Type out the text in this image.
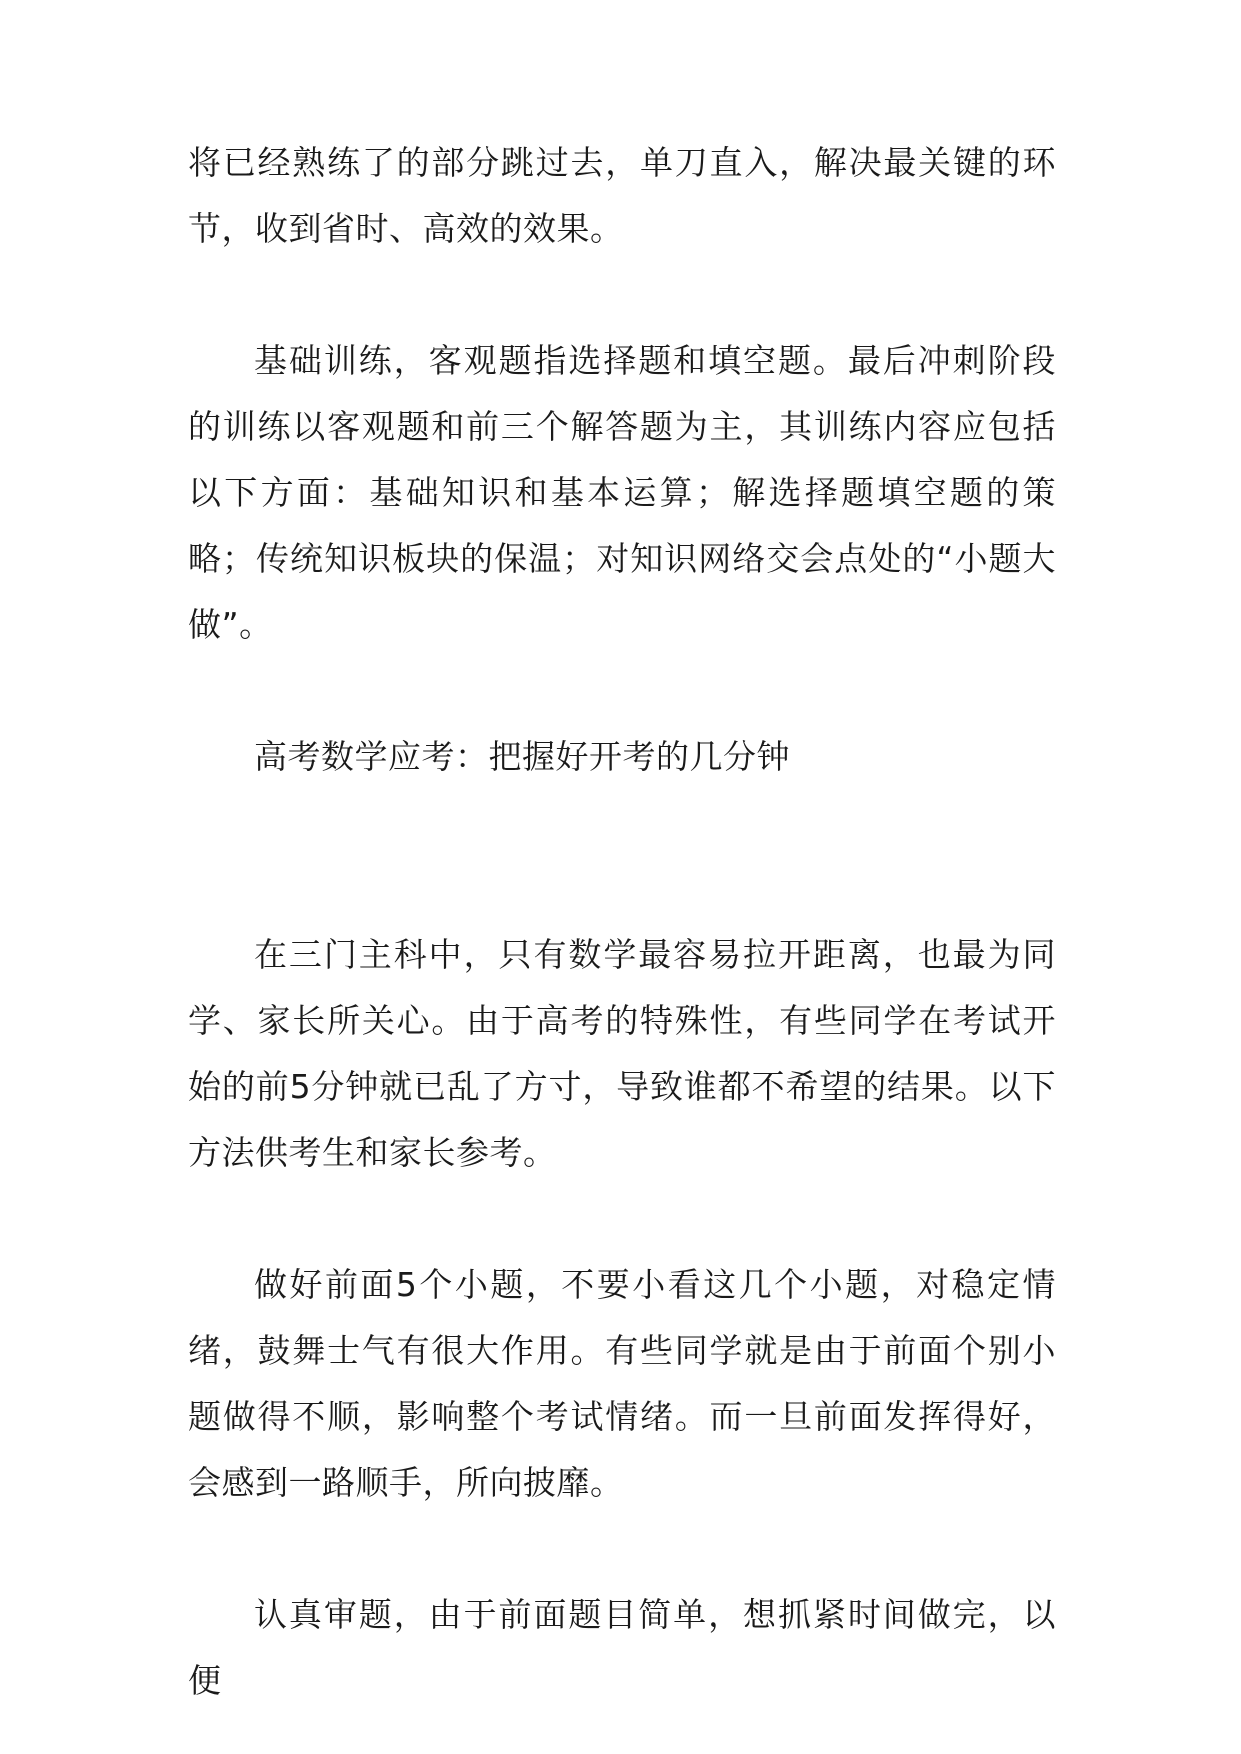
将已经熟练了的部分跳过去，单刀直入，解决最关键的环节，收到省时、高效的效果。

基础训练，客观题指选择题和填空题。最后冲刺阶段的训练以客观题和前三个解答题为主，其训练内容应包括以下方面：基础知识和基本运算；解选择题填空题的策略；传统知识板块的保温；对知识网络交会点处的“小题大做”。

高考数学应考：把握好开考的几分钟

在三门主科中，只有数学最容易拉开距离，也最为同学、家长所关心。由于高考的特殊性，有些同学在考试开始的前5分钟就已乱了方寸，导致谁都不希望的结果。以下方法供考生和家长参考。

做好前面5个小题，不要小看这几个小题，对稳定情绪，鼓舞士气有很大作用。有些同学就是由于前面个别小题做得不顺，影响整个考试情绪。而一旦前面发挥得好，会感到一路顺手，所向披靡。

认真审题，由于前面题目简单，想抓紧时间做完，以便
